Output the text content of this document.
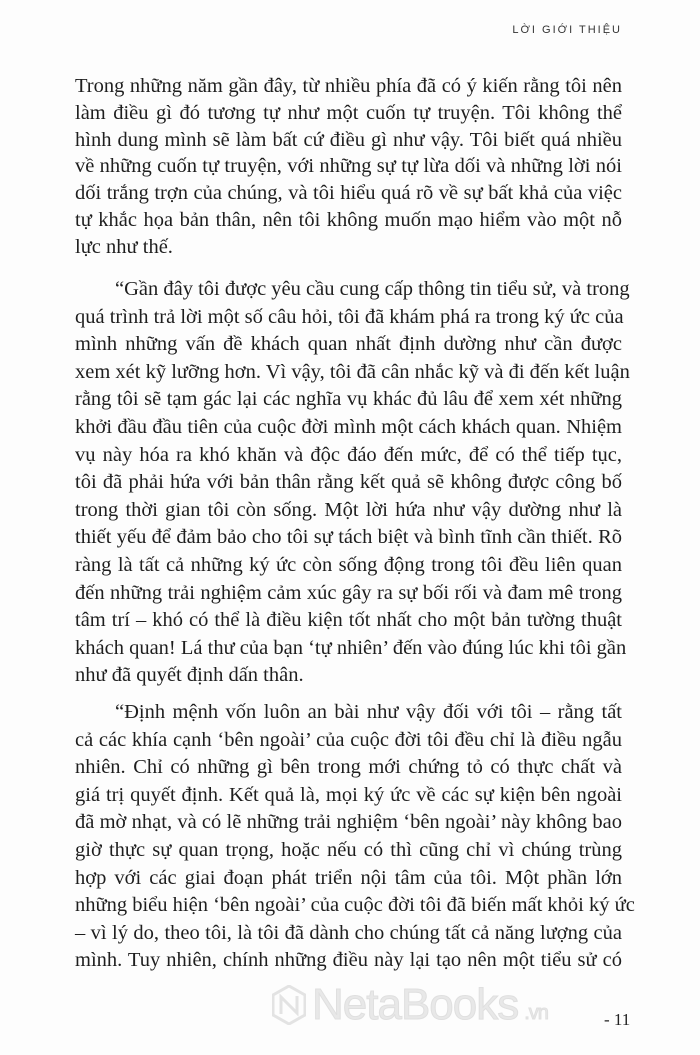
LỜI GIỚI THIỆU
Trong những năm gần đây, từ nhiều phía đã có ý kiến rằng tôi nên
làm điều gì đó tương tự như một cuốn tự truyện. Tôi không thể
hình dung mình sẽ làm bất cứ điều gì như vậy. Tôi biết quá nhiều
về những cuốn tự truyện, với những sự tự lừa dối và những lời nói
dối trắng trợn của chúng, và tôi hiểu quá rõ về sự bất khả của việc
tự khắc họa bản thân, nên tôi không muốn mạo hiểm vào một nỗ
lực như thế.
“Gần đây tôi được yêu cầu cung cấp thông tin tiểu sử, và trong
quá trình trả lời một số câu hỏi, tôi đã khám phá ra trong ký ức của
mình những vấn đề khách quan nhất định dường như cần được
xem xét kỹ lưỡng hơn. Vì vậy, tôi đã cân nhắc kỹ và đi đến kết luận
rằng tôi sẽ tạm gác lại các nghĩa vụ khác đủ lâu để xem xét những
khởi đầu đầu tiên của cuộc đời mình một cách khách quan. Nhiệm
vụ này hóa ra khó khăn và độc đáo đến mức, để có thể tiếp tục,
tôi đã phải hứa với bản thân rằng kết quả sẽ không được công bố
trong thời gian tôi còn sống. Một lời hứa như vậy dường như là
thiết yếu để đảm bảo cho tôi sự tách biệt và bình tĩnh cần thiết. Rõ
ràng là tất cả những ký ức còn sống động trong tôi đều liên quan
đến những trải nghiệm cảm xúc gây ra sự bối rối và đam mê trong
tâm trí – khó có thể là điều kiện tốt nhất cho một bản tường thuật
khách quan! Lá thư của bạn ‘tự nhiên’ đến vào đúng lúc khi tôi gần
như đã quyết định dấn thân.
“Định mệnh vốn luôn an bài như vậy đối với tôi – rằng tất
cả các khía cạnh ‘bên ngoài’ của cuộc đời tôi đều chỉ là điều ngẫu
nhiên. Chỉ có những gì bên trong mới chứng tỏ có thực chất và
giá trị quyết định. Kết quả là, mọi ký ức về các sự kiện bên ngoài
đã mờ nhạt, và có lẽ những trải nghiệm ‘bên ngoài’ này không bao
giờ thực sự quan trọng, hoặc nếu có thì cũng chỉ vì chúng trùng
hợp với các giai đoạn phát triển nội tâm của tôi. Một phần lớn
những biểu hiện ‘bên ngoài’ của cuộc đời tôi đã biến mất khỏi ký ức
– vì lý do, theo tôi, là tôi đã dành cho chúng tất cả năng lượng của
mình. Tuy nhiên, chính những điều này lại tạo nên một tiểu sử có
- 11
NetaBooks .vn
